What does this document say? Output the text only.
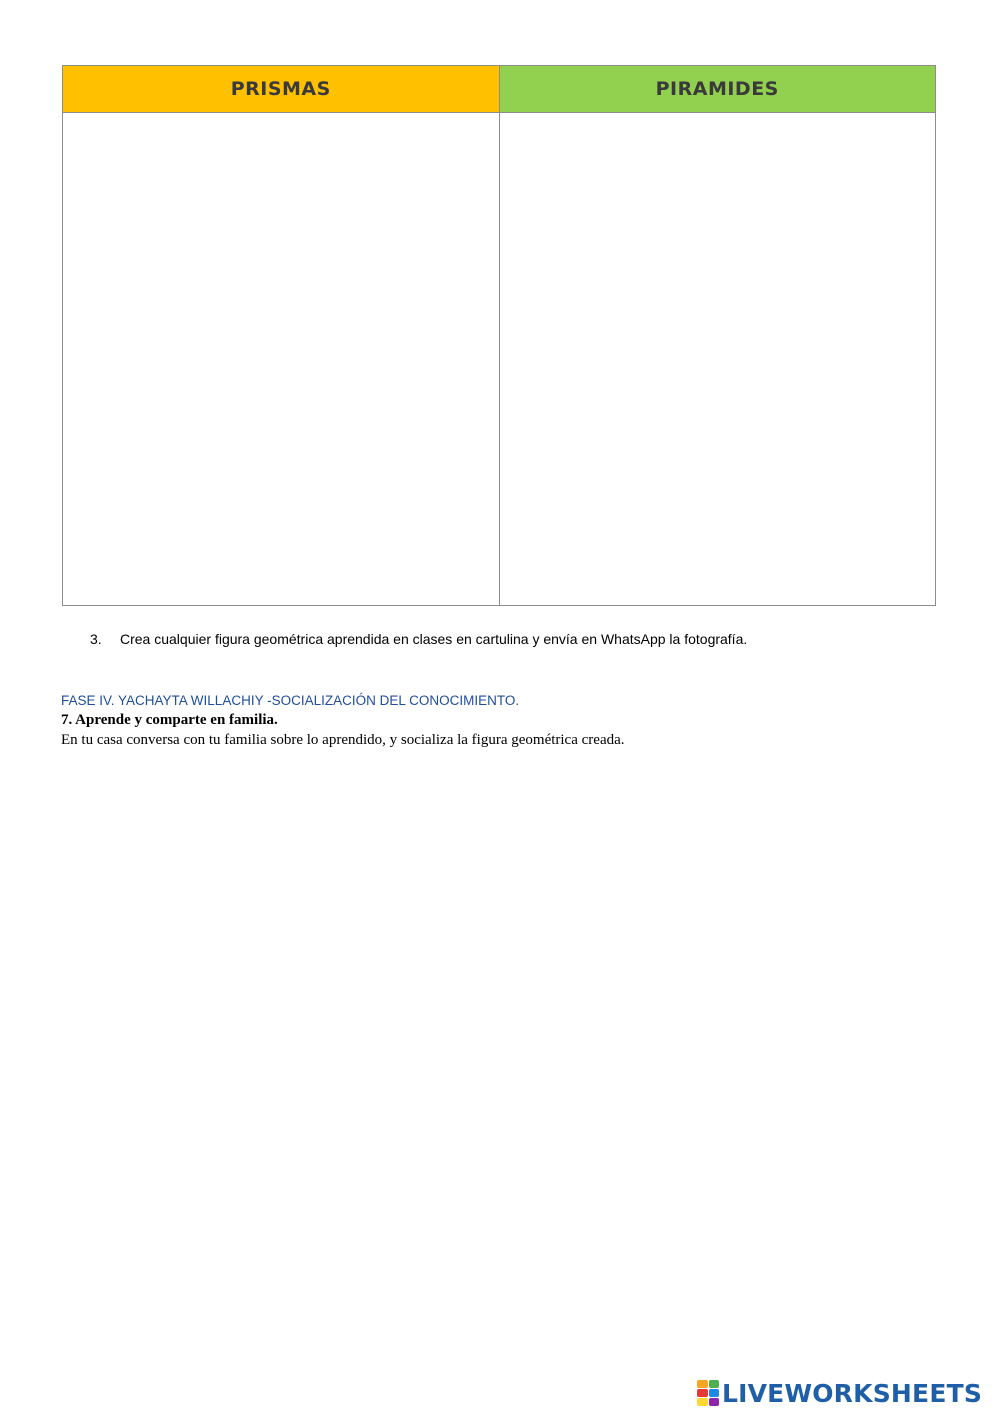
PRISMAS	PIRAMIDES
3. Crea cualquier figura geométrica aprendida en clases en cartulina y envía en WhatsApp la fotografía.
FASE IV. YACHAYTA WILLACHIY -SOCIALIZACIÓN DEL CONOCIMIENTO.
7. Aprende y comparte en familia.
En tu casa conversa con tu familia sobre lo aprendido, y socializa la figura geométrica creada.
LIVEWORKSHEETS
